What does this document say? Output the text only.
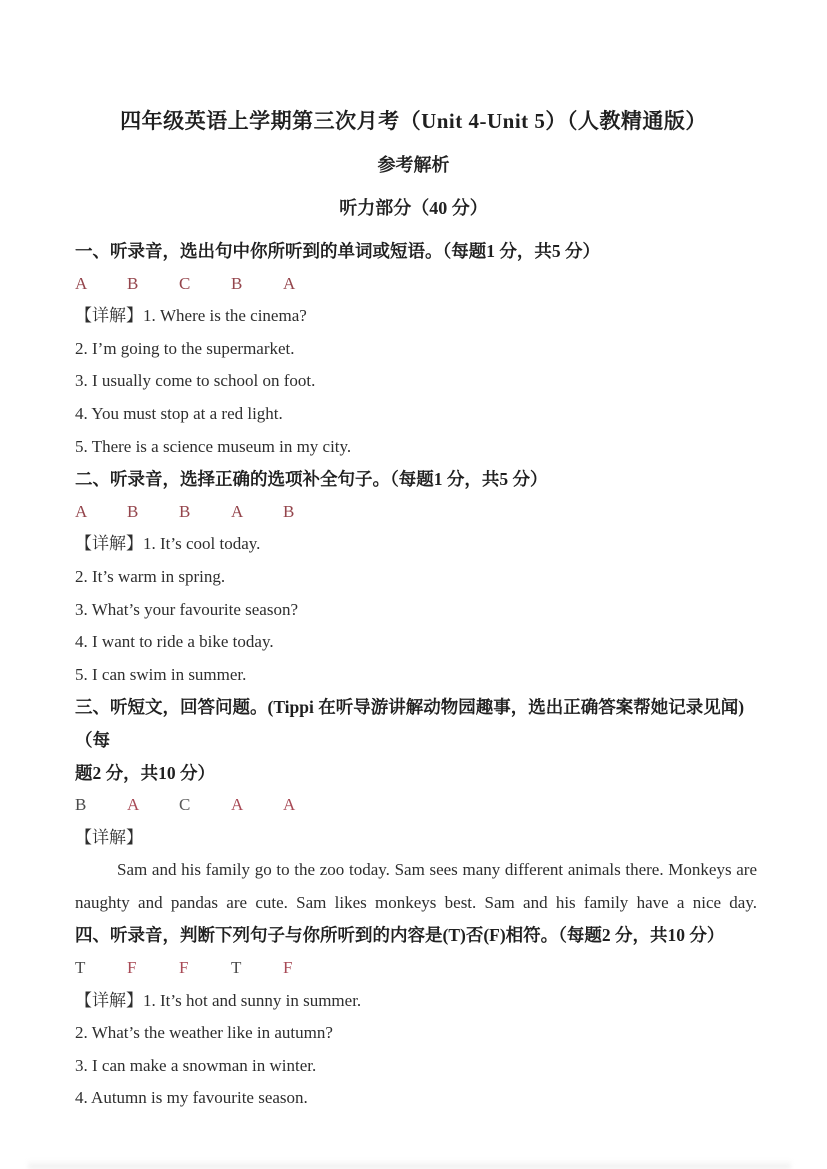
四年级英语上学期第三次月考（Unit 4-Unit 5）（人教精通版）
参考解析
听力部分（40 分）

一、听录音，选出句中你所听到的单词或短语。（每题1 分，共5 分）

A B C B A

【详解】1. Where is the cinema?

2. I’m going to the supermarket.

3. I usually come to school on foot.

4. You must stop at a red light.

5. There is a science museum in my city.

二、听录音，选择正确的选项补全句子。（每题1 分，共5 分）

A B B A B

【详解】1. It’s cool today.

2. It’s warm in spring.

3. What’s your favourite season?

4. I want to ride a bike today.

5. I can swim in summer.

三、听短文，回答问题。(Tippi 在听导游讲解动物园趣事，选出正确答案帮她记录见闻) （每

题2 分，共10 分）

B A C A A

【详解】

Sam and his family go to the zoo today. Sam sees many different animals there. Monkeys are

naughty and pandas are cute. Sam likes monkeys best. Sam and his family have a nice day.

四、听录音，判断下列句子与你所听到的内容是(T)否(F)相符。（每题2 分，共10 分）

T F	F	T F

【详解】1. It’s hot and sunny in summer.

2. What’s the weather like in autumn?

3. I can make a snowman in winter.

4. Autumn is my favourite season.
